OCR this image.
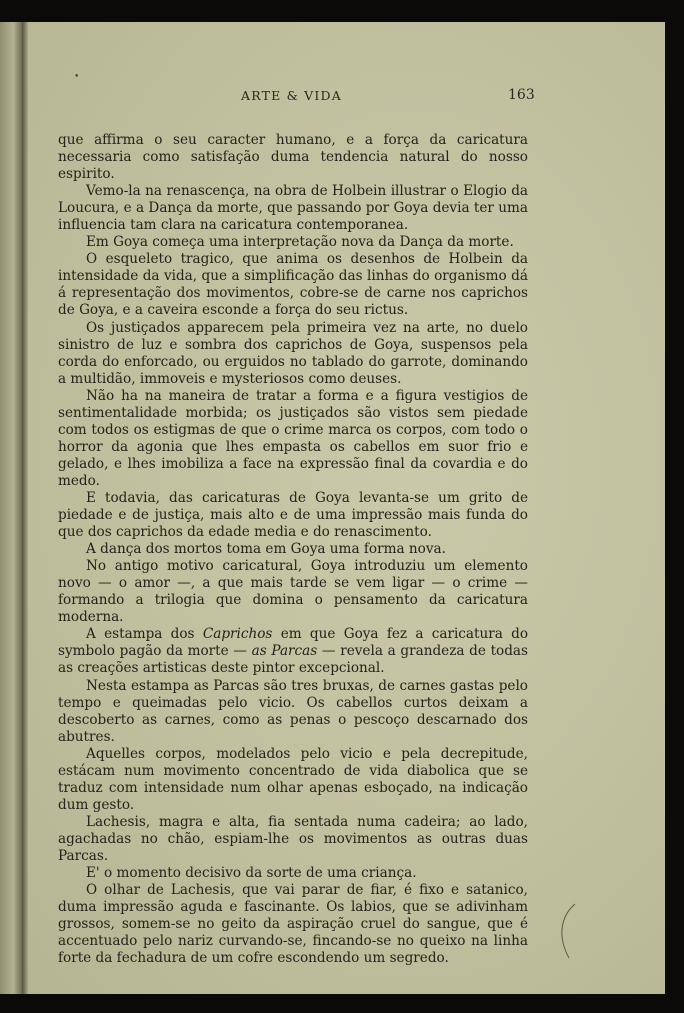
ARTE & VIDA	163
•

que affirma o seu caracter humano, e a força da caricatura necessaria como satisfação duma tendencia natural do nosso espirito.

Vemo-la na renascença, na obra de Holbein illustrar o Elogio da Loucura, e a Dança da morte, que passando por Goya devia ter uma influencia tam clara na caricatura contemporanea.

Em Goya começa uma interpretação nova da Dança da morte.

O esqueleto tragico, que anima os desenhos de Holbein da intensidade da vida, que a simplificação das linhas do organismo dá á representação dos movimentos, cobre-se de carne nos caprichos de Goya, e a caveira esconde a força do seu rictus.

Os justiçados apparecem pela primeira vez na arte, no duelo sinistro de luz e sombra dos caprichos de Goya, suspensos pela corda do enforcado, ou erguidos no tablado do garrote, dominando a multidão, immoveis e mysteriosos como deuses.

Não ha na maneira de tratar a forma e a figura vestigios de sentimentalidade morbida; os justiçados são vistos sem piedade com todos os estigmas de que o crime marca os corpos, com todo o horror da agonia que lhes empasta os cabellos em suor frio e gelado, e lhes imobiliza a face na expressão final da covardia e do medo.

E todavia, das caricaturas de Goya levanta-se um grito de piedade e de justiça, mais alto e de uma impressão mais funda do que dos caprichos da edade media e do renascimento.

A dança dos mortos toma em Goya uma forma nova.

No antigo motivo caricatural, Goya introduziu um elemento novo — o amor —, a que mais tarde se vem ligar — o crime — formando a trilogia que domina o pensamento da caricatura moderna.

A estampa dos Caprichos em que Goya fez a caricatura do symbolo pagão da morte — as Parcas — revela a grandeza de todas as creações artisticas deste pintor excepcional.

Nesta estampa as Parcas são tres bruxas, de carnes gastas pelo tempo e queimadas pelo vicio. Os cabellos curtos deixam a descoberto as carnes, como as penas o pescoço descarnado dos abutres.

Aquelles corpos, modelados pelo vicio e pela decrepitude, estácam num movimento concentrado de vida diabolica que se traduz com intensidade num olhar apenas esboçado, na indicação dum gesto.

Lachesis, magra e alta, fia sentada numa cadeira; ao lado, agachadas no chão, espiam-lhe os movimentos as outras duas Parcas.

E' o momento decisivo da sorte de uma criança.

O olhar de Lachesis, que vai parar de fiar, é fixo e satanico, duma impressão aguda e fascinante. Os labios, que se adivinham grossos, somem-se no geito da aspiração cruel do sangue, que é accentuado pelo nariz curvando-se, fincando-se no queixo na linha forte da fechadura de um cofre escondendo um segredo.
